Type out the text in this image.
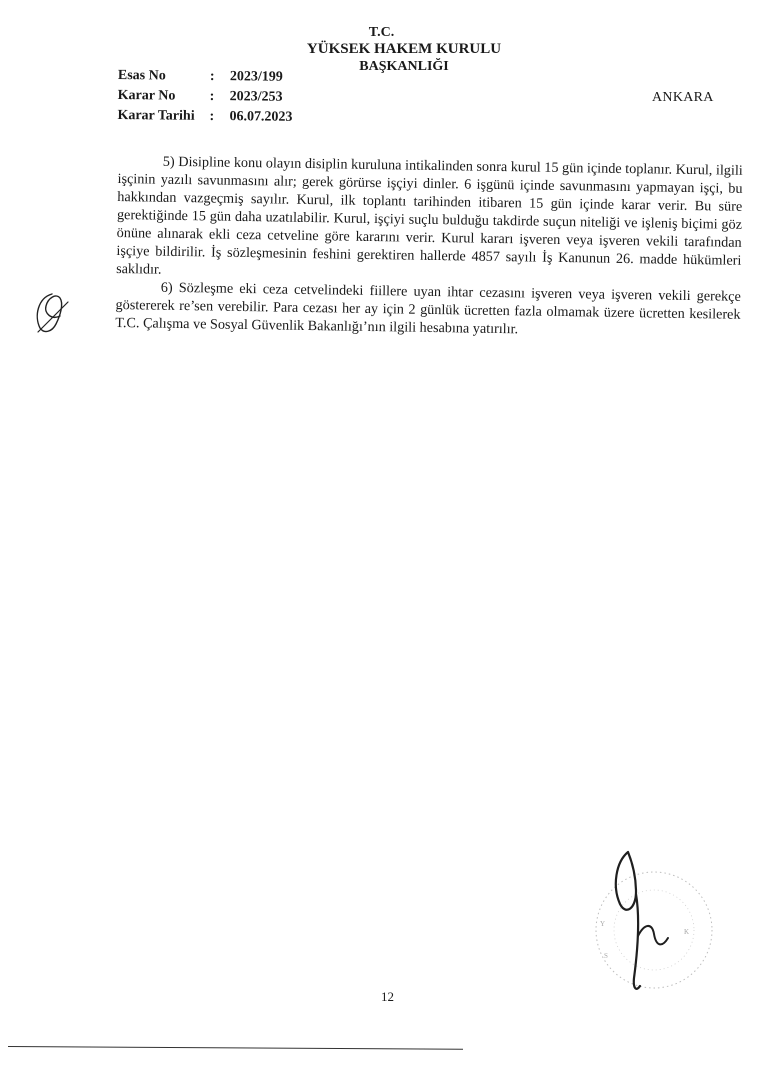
T.C.
YÜKSEK HAKEM KURULU
BAŞKANLIĞI
Esas No	:	2023/199
Karar No	:	2023/253
Karar Tarihi	:	06.07.2023
ANKARA

5) Disipline konu olayın disiplin kuruluna intikalinden sonra kurul 15 gün içinde toplanır. Kurul, ilgili işçinin yazılı savunmasını alır; gerek görürse işçiyi dinler. 6 işgünü içinde savunmasını yapmayan işçi, bu hakkından vazgeçmiş sayılır. Kurul, ilk toplantı tarihinden itibaren 15 gün içinde karar verir. Bu süre gerektiğinde 15 gün daha uzatılabilir. Kurul, işçiyi suçlu bulduğu takdirde suçun niteliği ve işleniş biçimi göz önüne alınarak ekli ceza cetveline göre kararını verir. Kurul kararı işveren veya işveren vekili tarafından işçiye bildirilir. İş sözleşmesinin feshini gerektiren hallerde 4857 sayılı İş Kanunun 26. madde hükümleri saklıdır.

6) Sözleşme eki ceza cetvelindeki fiillere uyan ihtar cezasını işveren veya işveren vekili gerekçe göstererek re’sen verebilir. Para cezası her ay için 2 günlük ücretten fazla olmamak üzere ücretten kesilerek T.C. Çalışma ve Sosyal Güvenlik Bakanlığı’nın ilgili hesabına yatırılır.

Y
S
K
12
